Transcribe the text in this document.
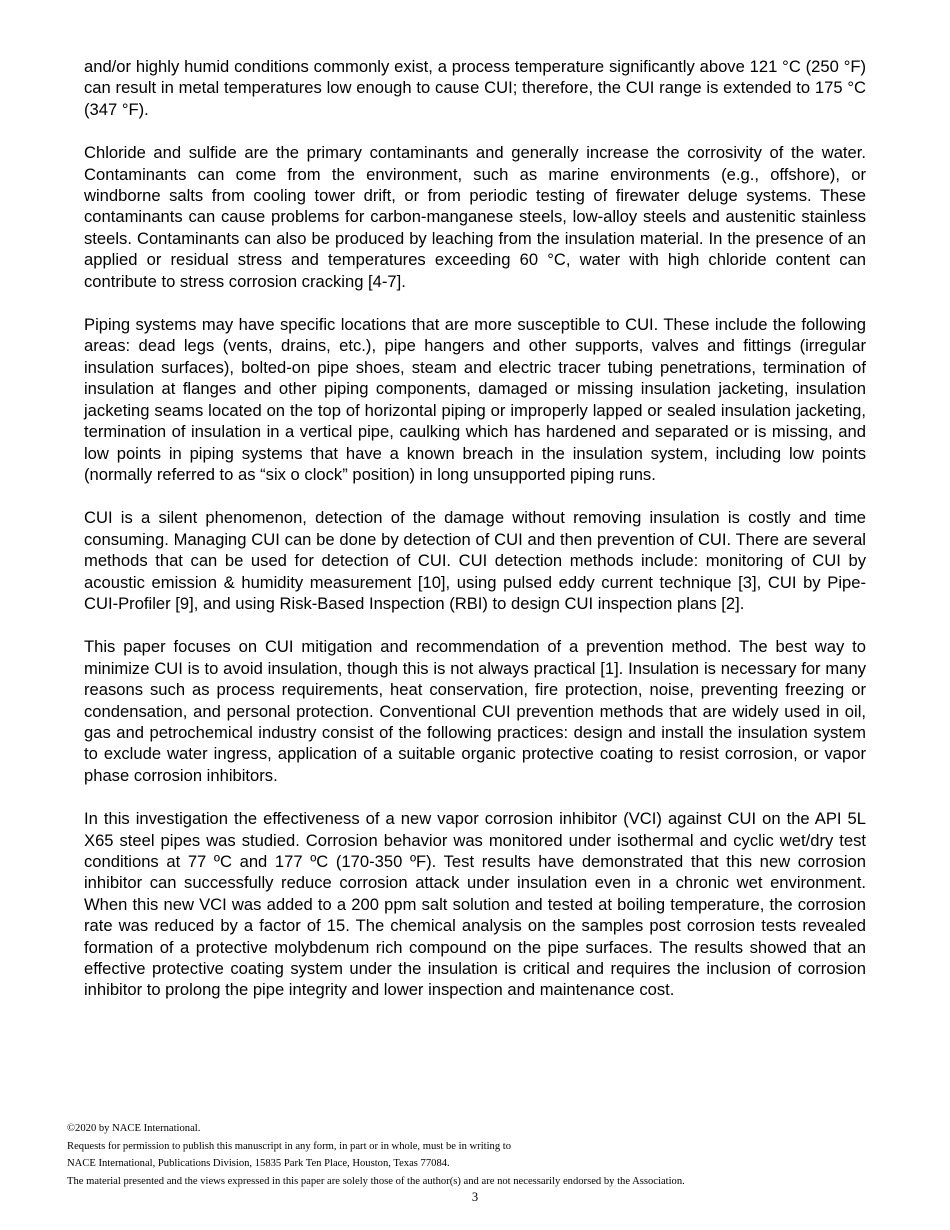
and/or highly humid conditions commonly exist, a process temperature significantly above 121 °C (250 °F) can result in metal temperatures low enough to cause CUI; therefore, the CUI range is extended to 175 °C (347 °F).

Chloride and sulfide are the primary contaminants and generally increase the corrosivity of the water. Contaminants can come from the environment, such as marine environments (e.g., offshore), or windborne salts from cooling tower drift, or from periodic testing of firewater deluge systems. These contaminants can cause problems for carbon-manganese steels, low-alloy steels and austenitic stainless steels. Contaminants can also be produced by leaching from the insulation material. In the presence of an applied or residual stress and temperatures exceeding 60 °C, water with high chloride content can contribute to stress corrosion cracking [4-7].

Piping systems may have specific locations that are more susceptible to CUI. These include the following areas: dead legs (vents, drains, etc.), pipe hangers and other supports, valves and fittings (irregular insulation surfaces), bolted-on pipe shoes, steam and electric tracer tubing penetrations, termination of insulation at flanges and other piping components, damaged or missing insulation jacketing, insulation jacketing seams located on the top of horizontal piping or improperly lapped or sealed insulation jacketing, termination of insulation in a vertical pipe, caulking which has hardened and separated or is missing, and low points in piping systems that have a known breach in the insulation system, including low points (normally referred to as “six o clock” position) in long unsupported piping runs.

CUI is a silent phenomenon, detection of the damage without removing insulation is costly and time consuming. Managing CUI can be done by detection of CUI and then prevention of CUI. There are several methods that can be used for detection of CUI. CUI detection methods include: monitoring of CUI by acoustic emission & humidity measurement [10], using pulsed eddy current technique [3], CUI by Pipe-CUI-Profiler [9], and using Risk-Based Inspection (RBI) to design CUI inspection plans [2].

This paper focuses on CUI mitigation and recommendation of a prevention method. The best way to minimize CUI is to avoid insulation, though this is not always practical [1]. Insulation is necessary for many reasons such as process requirements, heat conservation, fire protection, noise, preventing freezing or condensation, and personal protection. Conventional CUI prevention methods that are widely used in oil, gas and petrochemical industry consist of the following practices: design and install the insulation system to exclude water ingress, application of a suitable organic protective coating to resist corrosion, or vapor phase corrosion inhibitors.

In this investigation the effectiveness of a new vapor corrosion inhibitor (VCI) against CUI on the API 5L X65 steel pipes was studied. Corrosion behavior was monitored under isothermal and cyclic wet/dry test conditions at 77 ºC and 177 ºC (170-350 ºF). Test results have demonstrated that this new corrosion inhibitor can successfully reduce corrosion attack under insulation even in a chronic wet environment. When this new VCI was added to a 200 ppm salt solution and tested at boiling temperature, the corrosion rate was reduced by a factor of 15. The chemical analysis on the samples post corrosion tests revealed formation of a protective molybdenum rich compound on the pipe surfaces. The results showed that an effective protective coating system under the insulation is critical and requires the inclusion of corrosion inhibitor to prolong the pipe integrity and lower inspection and maintenance cost.

©2020 by NACE International.
Requests for permission to publish this manuscript in any form, in part or in whole, must be in writing to
NACE International, Publications Division, 15835 Park Ten Place, Houston, Texas 77084.
The material presented and the views expressed in this paper are solely those of the author(s) and are not necessarily endorsed by the Association.
3
